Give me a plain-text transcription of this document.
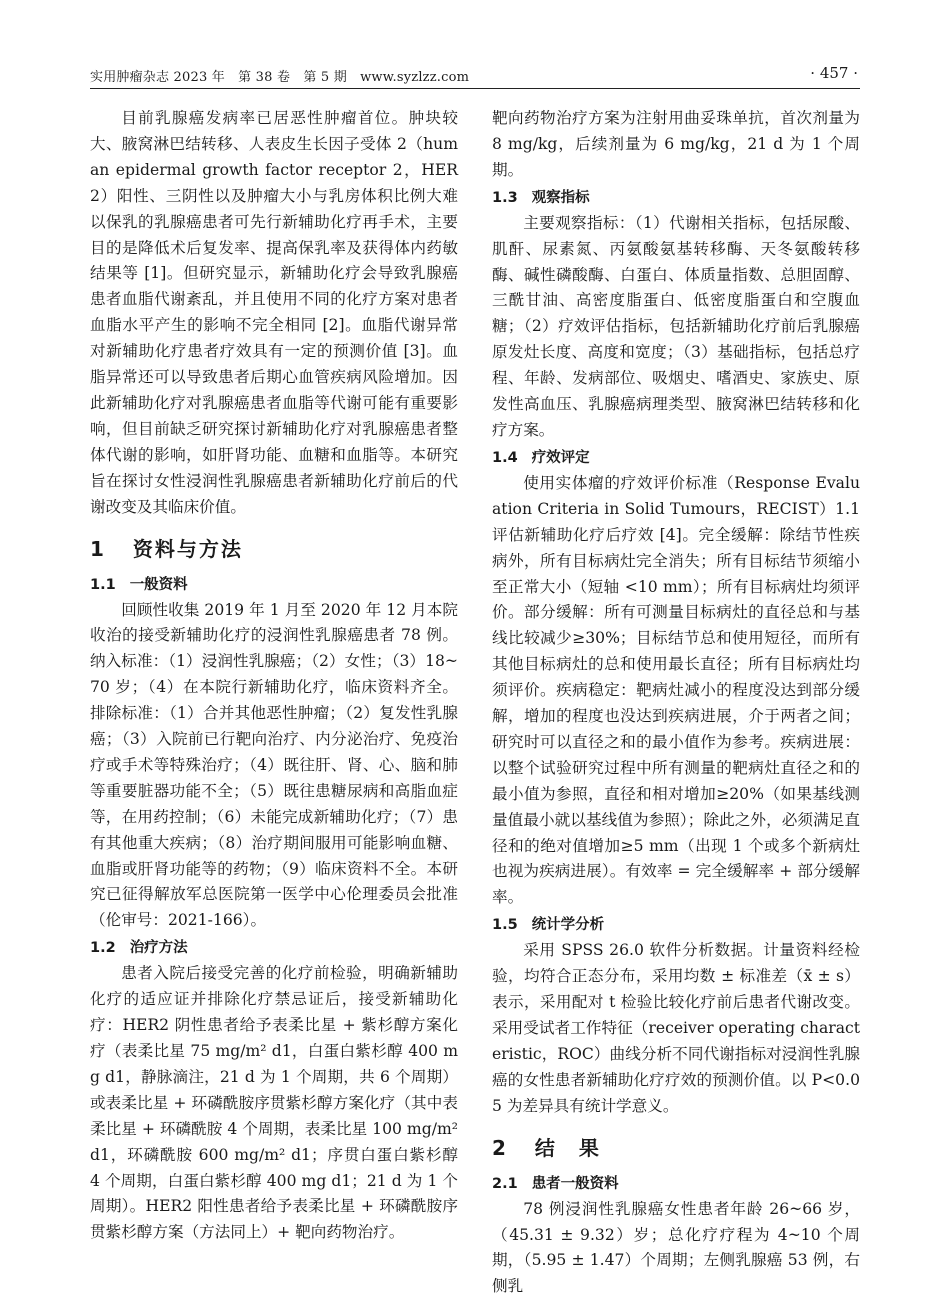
实用肿瘤杂志 2023 年　第 38 卷　第 5 期　www.syzlzz.com	· 457 ·

目前乳腺癌发病率已居恶性肿瘤首位。肿块较大、腋窝淋巴结转移、人表皮生长因子受体 2（human epidermal growth factor receptor 2，HER2）阳性、三阴性以及肿瘤大小与乳房体积比例大难以保乳的乳腺癌患者可先行新辅助化疗再手术，主要目的是降低术后复发率、提高保乳率及获得体内药敏结果等 [1]。但研究显示，新辅助化疗会导致乳腺癌患者血脂代谢紊乱，并且使用不同的化疗方案对患者血脂水平产生的影响不完全相同 [2]。血脂代谢异常对新辅助化疗患者疗效具有一定的预测价值 [3]。血脂异常还可以导致患者后期心血管疾病风险增加。因此新辅助化疗对乳腺癌患者血脂等代谢可能有重要影响，但目前缺乏研究探讨新辅助化疗对乳腺癌患者整体代谢的影响，如肝肾功能、血糖和血脂等。本研究旨在探讨女性浸润性乳腺癌患者新辅助化疗前后的代谢改变及其临床价值。

1 资料与方法
1.1 一般资料

回顾性收集 2019 年 1 月至 2020 年 12 月本院收治的接受新辅助化疗的浸润性乳腺癌患者 78 例。纳入标准：（1）浸润性乳腺癌；（2）女性；（3）18~70 岁；（4）在本院行新辅助化疗，临床资料齐全。排除标准：（1）合并其他恶性肿瘤；（2）复发性乳腺癌；（3）入院前已行靶向治疗、内分泌治疗、免疫治疗或手术等特殊治疗；（4）既往肝、肾、心、脑和肺等重要脏器功能不全；（5）既往患糖尿病和高脂血症等，在用药控制；（6）未能完成新辅助化疗；（7）患有其他重大疾病；（8）治疗期间服用可能影响血糖、血脂或肝肾功能等的药物；（9）临床资料不全。本研究已征得解放军总医院第一医学中心伦理委员会批准（伦审号：2021-166）。

1.2 治疗方法

患者入院后接受完善的化疗前检验，明确新辅助化疗的适应证并排除化疗禁忌证后，接受新辅助化疗：HER2 阴性患者给予表柔比星 + 紫杉醇方案化疗（表柔比星 75 mg/m² d1，白蛋白紫杉醇 400 mg d1，静脉滴注，21 d 为 1 个周期，共 6 个周期）或表柔比星 + 环磷酰胺序贯紫杉醇方案化疗（其中表柔比星 + 环磷酰胺 4 个周期，表柔比星 100 mg/m² d1，环磷酰胺 600 mg/m² d1；序贯白蛋白紫杉醇 4 个周期，白蛋白紫杉醇 400 mg d1；21 d 为 1 个周期）。HER2 阳性患者给予表柔比星 + 环磷酰胺序贯紫杉醇方案（方法同上）+ 靶向药物治疗。

靶向药物治疗方案为注射用曲妥珠单抗，首次剂量为 8 mg/kg，后续剂量为 6 mg/kg，21 d 为 1 个周期。

1.3 观察指标

主要观察指标：（1）代谢相关指标，包括尿酸、肌酐、尿素氮、丙氨酸氨基转移酶、天冬氨酸转移酶、碱性磷酸酶、白蛋白、体质量指数、总胆固醇、三酰甘油、高密度脂蛋白、低密度脂蛋白和空腹血糖；（2）疗效评估指标，包括新辅助化疗前后乳腺癌原发灶长度、高度和宽度；（3）基础指标，包括总疗程、年龄、发病部位、吸烟史、嗜酒史、家族史、原发性高血压、乳腺癌病理类型、腋窝淋巴结转移和化疗方案。

1.4 疗效评定

使用实体瘤的疗效评价标准（Response Evaluation Criteria in Solid Tumours，RECIST）1.1 评估新辅助化疗后疗效 [4]。完全缓解：除结节性疾病外，所有目标病灶完全消失；所有目标结节须缩小至正常大小（短轴 <10 mm）；所有目标病灶均须评价。部分缓解：所有可测量目标病灶的直径总和与基线比较减少≥30%；目标结节总和使用短径，而所有其他目标病灶的总和使用最长直径；所有目标病灶均须评价。疾病稳定：靶病灶减小的程度没达到部分缓解，增加的程度也没达到疾病进展，介于两者之间；研究时可以直径之和的最小值作为参考。疾病进展：以整个试验研究过程中所有测量的靶病灶直径之和的最小值为参照，直径和相对增加≥20%（如果基线测量值最小就以基线值为参照）；除此之外，必须满足直径和的绝对值增加≥5 mm（出现 1 个或多个新病灶也视为疾病进展）。有效率 = 完全缓解率 + 部分缓解率。

1.5 统计学分析

采用 SPSS 26.0 软件分析数据。计量资料经检验，均符合正态分布，采用均数 ± 标准差（x̄ ± s）表示，采用配对 t 检验比较化疗前后患者代谢改变。采用受试者工作特征（receiver operating characteristic，ROC）曲线分析不同代谢指标对浸润性乳腺癌的女性患者新辅助化疗疗效的预测价值。以 P<0.05 为差异具有统计学意义。

2 结　果
2.1 患者一般资料

78 例浸润性乳腺癌女性患者年龄 26~66 岁，（45.31 ± 9.32）岁；总化疗疗程为 4~10 个周期，（5.95 ± 1.47）个周期；左侧乳腺癌 53 例，右侧乳
